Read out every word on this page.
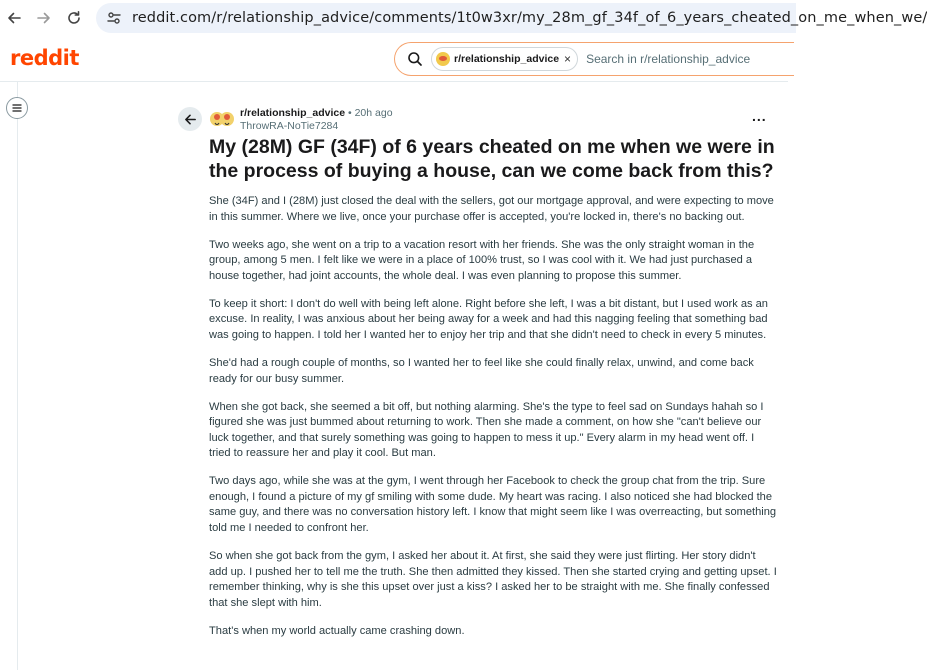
reddit.com/r/relationship_advice/comments/1t0w3xr/my_28m_gf_34f_of_6_years_cheated_on_me_when_we/
reddit	r/relationship_advice × Search in r/relationship_advice
r/relationship_advice • 20h ago
ThrowRA-NoTie7284
...
My (28M) GF (34F) of 6 years cheated on me when we were in the process of buying a house, can we come back from this?

She (34F) and I (28M) just closed the deal with the sellers, got our mortgage approval, and were expecting to move in this summer. Where we live, once your purchase offer is accepted, you're locked in, there's no backing out.

Two weeks ago, she went on a trip to a vacation resort with her friends. She was the only straight woman in the group, among 5 men. I felt like we were in a place of 100% trust, so I was cool with it. We had just purchased a house together, had joint accounts, the whole deal. I was even planning to propose this summer.

To keep it short: I don't do well with being left alone. Right before she left, I was a bit distant, but I used work as an excuse. In reality, I was anxious about her being away for a week and had this nagging feeling that something bad was going to happen. I told her I wanted her to enjoy her trip and that she didn't need to check in every 5 minutes.

She'd had a rough couple of months, so I wanted her to feel like she could finally relax, unwind, and come back ready for our busy summer.

When she got back, she seemed a bit off, but nothing alarming. She's the type to feel sad on Sundays hahah so I figured she was just bummed about returning to work. Then she made a comment, on how she "can't believe our luck together, and that surely something was going to happen to mess it up." Every alarm in my head went off. I tried to reassure her and play it cool. But man.

Two days ago, while she was at the gym, I went through her Facebook to check the group chat from the trip. Sure enough, I found a picture of my gf smiling with some dude. My heart was racing. I also noticed she had blocked the same guy, and there was no conversation history left. I know that might seem like I was overreacting, but something told me I needed to confront her.

So when she got back from the gym, I asked her about it. At first, she said they were just flirting. Her story didn't add up. I pushed her to tell me the truth. She then admitted they kissed. Then she started crying and getting upset. I remember thinking, why is she this upset over just a kiss? I asked her to be straight with me. She finally confessed that she slept with him.

That's when my world actually came crashing down.
